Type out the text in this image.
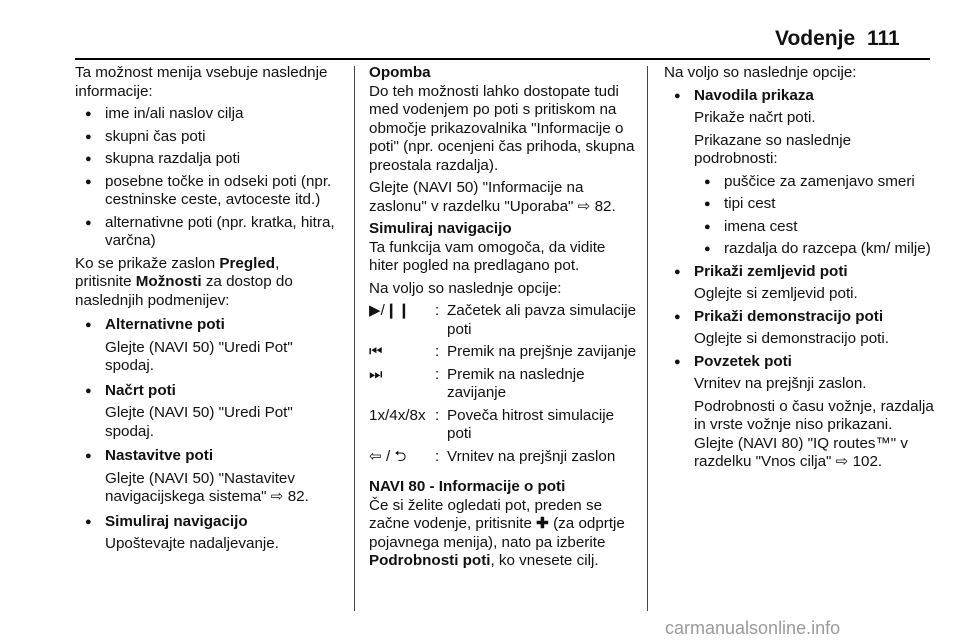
Vodenje 111

Ta možnost menija vsebuje naslednje informacije:

● ime in/ali naslov cilja
● skupni čas poti
● skupna razdalja poti
● posebne točke in odseki poti (npr. cestninske ceste, avtoceste itd.)
● alternativne poti (npr. kratka, hitra, varčna)

Ko se prikaže zaslon Pregled,
pritisnite Možnosti za dostop do
naslednjih podmenijev:

● Alternativne poti
Glejte (NAVI 50) "Uredi Pot" spodaj.
● Načrt poti
Glejte (NAVI 50) "Uredi Pot" spodaj.
● Nastavitve poti
Glejte (NAVI 50) "Nastavitev navigacijskega sistema" ⇨ 82.
● Simuliraj navigacijo
Upoštevajte nadaljevanje.

Opomba

Do teh možnosti lahko dostopate tudi med vodenjem po poti s pritiskom na območje prikazovalnika "Informacije o poti" (npr. ocenjeni čas prihoda, skupna preostala razdalja).

Glejte (NAVI 50) "Informacije na zaslonu" v razdelku "Uporaba" ⇨ 82.

Simuliraj navigacijo

Ta funkcija vam omogoča, da vidite hiter pogled na predlagano pot.

Na voljo so naslednje opcije:

▶/❙❙	:	Začetek ali pavza simulacije poti
⏮	:	Premik na prejšnje zavijanje
⏭	:	Premik na naslednje zavijanje
1x/4x/8x	:	Poveča hitrost simulacije poti
⇦ / ⮌	:	Vrnitev na prejšnji zaslon

NAVI 80 - Informacije o poti

Če si želite ogledati pot, preden se začne vodenje, pritisnite ✚ (za odprtje pojavnega menija), nato pa izberite Podrobnosti poti, ko vnesete cilj.

Na voljo so naslednje opcije:

● Navodila prikaza
Prikaže načrt poti.
Prikazane so naslednje podrobnosti:
● puščice za zamenjavo smeri
● tipi cest
● imena cest
● razdalja do razcepa (km/ milje)
● Prikaži zemljevid poti
Oglejte si zemljevid poti.
● Prikaži demonstracijo poti
Oglejte si demonstracijo poti.
● Povzetek poti
Vrnitev na prejšnji zaslon.
Podrobnosti o času vožnje, razdalja in vrste vožnje niso prikazani. Glejte (NAVI 80) "IQ routes™" v razdelku "Vnos cilja" ⇨ 102.
carmanualsonline.info
